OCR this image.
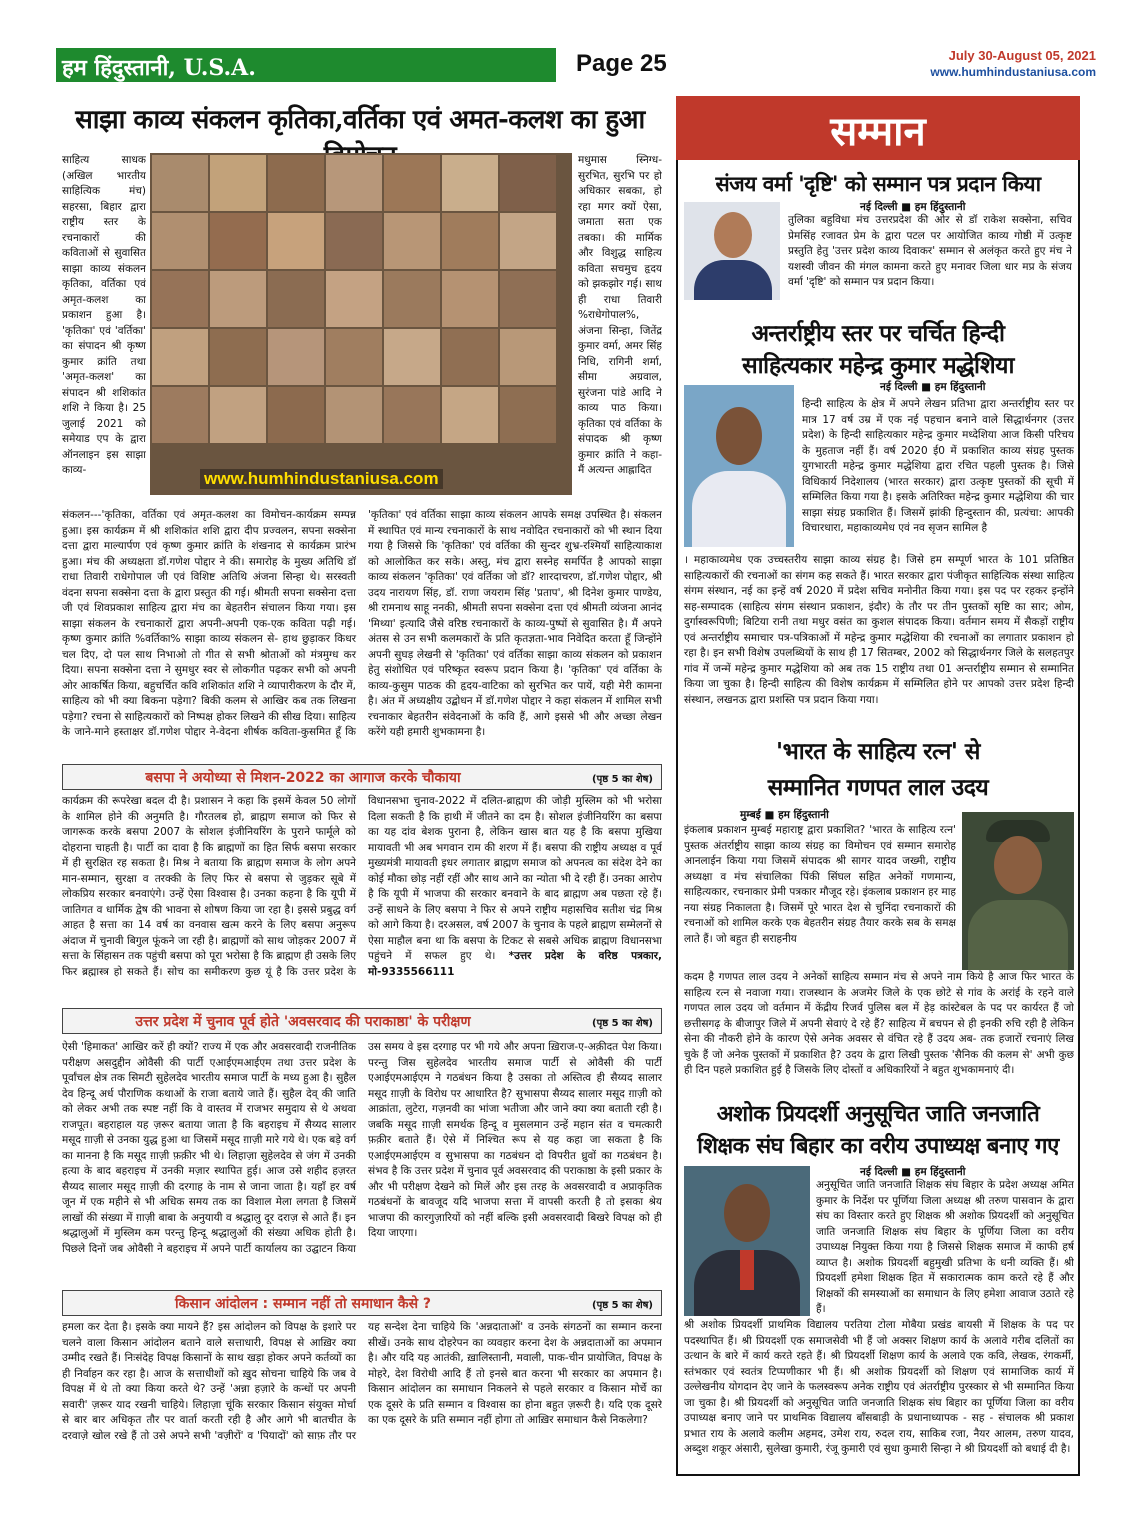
हम हिंदुस्तानी, U.S.A.	Page 25	July 30-August 05, 2021
www.humhindustaniusa.com
साझा काव्य संकलन कृतिका,वर्तिका एवं अमत-कलश का हुआ
साहित्य साधक (अखिल भारतीय साहित्यिक मंच) सहरसा, बिहार द्वारा राष्ट्रीय स्तर के रचनाकारों की कविताओं से सुवासित साझा काव्य संकलन कृतिका, वर्तिका एवं अमृत-कलश का प्रकाशन हुआ है। 'कृतिका' एवं 'वर्तिका' का संपादन श्री कृष्ण कुमार क्रांति तथा 'अमृत-कलश' का संपादन श्री शशिकांत शशि ने किया है। 25 जुलाई 2021 को समेयाड एप के द्वारा ऑनलाइन इस साझा काव्य-	www.humhindustaniusa.com
मधुमास स्निग्ध-सुरभित, सुरभि पर हो अधिकार सबका, हो रहा मगर क्यों ऐसा, जमाता सता एक तबका। की मार्मिक और विशुद्ध साहित्य कविता सचमुच हृदय को झकझोर गई। साथ ही राधा तिवारी %राधेगोपाल%, अंजना सिन्हा, जितेंद्र कुमार वर्मा, अमर सिंह निधि, रागिनी शर्मा, सीमा अग्रवाल, सुरंजना पांडे आदि ने काव्य पाठ किया। कृतिका एवं वर्तिका के संपादक श्री कृष्ण कुमार क्रांति ने कहा- मैं अत्यन्त आह्लादित
संकलन---'कृतिका, वर्तिका एवं अमृत-कलश का विमोचन-कार्यक्रम सम्पन्न हुआ। इस कार्यक्रम में श्री शशिकांत शशि द्वारा दीप प्रज्वलन, सपना सक्सेना दत्ता द्वारा माल्यार्पण एवं कृष्ण कुमार क्रांति के शंखनाद से कार्यक्रम प्रारंभ हुआ। मंच की अध्यक्षता डॉ.गणेश पोद्दार ने की। समारोह के मुख्य अतिथि डॉ राधा तिवारी राधेगोपाल जी एवं विशिष्ट अतिथि अंजना सिन्हा थे। सरस्वती वंदना सपना सक्सेना दत्ता के द्वारा प्रस्तुत की गई। श्रीमती सपना सक्सेना दत्ता जी एवं शिवप्रकाश साहित्य द्वारा मंच का बेहतरीन संचालन किया गया। इस साझा संकलन के रचनाकारों द्वारा अपनी-अपनी एक-एक कविता पढ़ी गई। कृष्ण कुमार क्रांति %वर्तिका% साझा काव्य संकलन से- हाथ छुड़ाकर किधर चल दिए, दो पल साथ निभाओ तो गीत से सभी श्रोताओं को मंत्रमुग्ध कर दिया। सपना सक्सेना दत्ता ने सुमधुर स्वर से लोकगीत पढ़कर सभी को अपनी ओर आकर्षित किया, बहुचर्चित कवि शशिकांत शशि ने व्यापारीकरण के दौर में, साहित्य को भी क्या बिकना पड़ेगा? बिकी कलम से आखिर कब तक लिखना पड़ेगा? रचना से साहित्यकारों को निष्पक्ष होकर लिखने की सीख दिया। साहित्य के जाने-माने हस्ताक्षर डॉ.गणेश पोद्दार ने-वेदना शीर्षक कविता-कुसमित हूँ कि 'कृतिका' एवं वर्तिका साझा काव्य संकलन आपके समक्ष उपस्थित है। संकलन में स्थापित एवं मान्य रचनाकारों के साथ नवोदित रचनाकारों को भी स्थान दिया गया है जिससे कि 'कृतिका' एवं वर्तिका की सुन्दर शुभ्र-रश्मियाँ साहित्याकाश को आलोकित कर सके। अस्तु, मंच द्वारा सस्नेह समर्पित है आपको साझा काव्य संकलन 'कृतिका' एवं वर्तिका जो डॉ? शारदाचरण, डॉ.गणेश पोद्दार, श्री उदय नारायण सिंह, डॉ. राणा जयराम सिंह 'प्रताप', श्री दिनेश कुमार पाण्डेय, श्री रामनाथ साहू ननकी, श्रीमती सपना सक्सेना दत्ता एवं श्रीमती व्यंजना आनंद 'मिथ्या' इत्यादि जैसे वरिष्ठ रचनाकारों के काव्य-पुष्पों से सुवासित है। मैं अपने अंतस से उन सभी कलमकारों के प्रति कृतज्ञता-भाव निवेदित करता हूँ जिन्होंने अपनी सुघड़ लेखनी से 'कृतिका' एवं वर्तिका साझा काव्य संकलन को प्रकाशन हेतु संशोधित एवं परिष्कृत स्वरूप प्रदान किया है। 'कृतिका' एवं वर्तिका के काव्य-कुसुम पाठक की हृदय-वाटिका को सुरभित कर पायें, यही मेरी कामना है। अंत में अध्यक्षीय उद्बोधन में डॉ.गणेश पोद्दार ने कहा संकलन में शामिल सभी रचनाकार बेहतरीन संवेदनाओं के कवि हैं, आगे इससे भी और अच्छा लेखन करेंगे यही हमारी शुभकामना है।
बसपा ने अयोध्या से मिशन-2022 का आगाज करके चौकाया	(पृष्ठ 5 का शेष)
कार्यक्रम की रूपरेखा बदल दी है। प्रशासन ने कहा कि इसमें केवल 50 लोगों के शामिल होने की अनुमति है। गौरतलब हो, ब्राह्मण समाज को फिर से जागरूक करके बसपा 2007 के सोशल इंजीनियरिंग के पुराने फार्मूले को दोहराना चाहती है। पार्टी का दावा है कि ब्राह्मणों का हित सिर्फ बसपा सरकार में ही सुरक्षित रह सकता है। मिश्र ने बताया कि ब्राह्मण समाज के लोग अपने मान-सम्मान, सुरक्षा व तरक्की के लिए फिर से बसपा से जुड़कर सूबे में लोकप्रिय सरकार बनवाएंगे। उन्हें ऐसा विश्वास है। उनका कहना है कि यूपी में जातिगत व धार्मिक द्वेष की भावना से शोषण किया जा रहा है। इससे प्रबुद्ध वर्ग आहत है सत्ता का 14 वर्ष का वनवास खत्म करने के लिए बसपा अनुरूप अंदाज में चुनावी बिगुल फूंकने जा रही है। ब्राह्मणों को साथ जोड़कर 2007 में सत्ता के सिंहासन तक पहुंची बसपा को पूरा भरोसा है कि ब्राह्मण ही उसके लिए फिर ब्रह्मास्त्र हो सकते हैं। सोच का समीकरण कुछ यूं है कि उत्तर प्रदेश के विधानसभा चुनाव-2022 में दलित-ब्राह्मण की जोड़ी मुस्लिम को भी भरोसा दिला सकती है कि हाथी में जीतने का दम है। सोशल इंजीनियरिंग का बसपा का यह दांव बेशक पुराना है, लेकिन खास बात यह है कि बसपा मुखिया मायावती भी अब भगवान राम की शरण में हैं। बसपा की राष्ट्रीय अध्यक्ष व पूर्व मुख्यमंत्री मायावती इधर लगातार ब्राह्मण समाज को अपनत्व का संदेश देने का कोई मौका छोड़ नहीं रहीं और साथ आने का न्योता भी दे रही हैं। उनका आरोप है कि यूपी में भाजपा की सरकार बनवाने के बाद ब्राह्मण अब पछता रहे हैं। उन्हें साधने के लिए बसपा ने फिर से अपने राष्ट्रीय महासचिव सतीश चंद्र मिश्र को आगे किया है। दरअसल, वर्ष 2007 के चुनाव के पहले ब्राह्मण सम्मेलनों से ऐसा माहौल बना था कि बसपा के टिकट से सबसे अधिक ब्राह्मण विधानसभा पहुंचने में सफल हुए थे। *उत्तर प्रदेश के वरिष्ठ पत्रकार, मो-9335566111
उत्तर प्रदेश में चुनाव पूर्व होते 'अवसरवाद की पराकाष्ठा' के परीक्षण	(पृष्ठ 5 का शेष)
ऐसी 'हिमाकत' आखिर करें ही क्यों? राज्य में एक और अवसरवादी राजनीतिक परीक्षण असदुद्दीन ओवैसी की पार्टी एआईएमआईएम तथा उत्तर प्रदेश के पूर्वांचल क्षेत्र तक सिमटी सुहेलदेव भारतीय समाज पार्टी के मध्य हुआ है। सुहैल देव हिन्दू अर्ध पौराणिक कथाओं के राजा बताये जाते हैं। सुहैल देव् की जाति को लेकर अभी तक स्पष्ट नहीं कि वे वास्तव में राजभर समुदाय से थे अथवा राजपूत। बहराहाल यह ज़रूर बताया जाता है कि बहराइच में सैय्यद सालार मसूद ग़ाज़ी से उनका युद्ध हुआ था जिसमें मसूद ग़ाज़ी मारे गये थे। एक बड़े वर्ग का मानना है कि मसूद ग़ाज़ी फ़क़ीर भी थे। लिहाज़ा सुहेलदेव से जंग में उनकी हत्या के बाद बहराइच में उनकी मज़ार स्थापित हुई। आज उसे शहीद हज़रत सैय्यद सालार मसूद ग़ाज़ी की दरगाह के नाम से जाना जाता है। यहाँ हर वर्ष जून में एक महीने से भी अधिक समय तक का विशाल मेला लगता है जिसमें लाखों की संख्या में ग़ाज़ी बाबा के अनुयायी व श्रद्धालु दूर दराज़ से आते हैं। इन श्रद्धालुओं में मुस्लिम कम परन्तु हिन्दू श्रद्धालुओं की संख्या अधिक होती है। पिछले दिनों जब ओवैसी ने बहराइच में अपने पार्टी कार्यालय का उद्घाटन किया उस समय वे इस दरगाह पर भी गये और अपना ख़िराज-ए-अक़ीदत पेश किया। परन्तु जिस सुहेलदेव भारतीय समाज पार्टी से ओवैसी की पार्टी एआईएमआईएम ने गठबंधन किया है उसका तो अस्तित्व ही सैय्यद सालार मसूद ग़ाज़ी के विरोध पर आधारित है? सुभासपा सैय्यद सालार मसूद ग़ाज़ी को आक्रांता, लुटेरा, गज़नवी का भांजा भतीजा और जाने क्या क्या बताती रही है। जबकि मसूद ग़ाज़ी समर्थक हिन्दू व मुसलमान उन्हें महान संत व चमत्कारी फ़क़ीर बताते हैं। ऐसे में निश्चित रूप से यह कहा जा सकता है कि एआईएमआईएम व सुभासपा का गठबंधन दो विपरीत ध्रुवों का गठबंधन है। संभव है कि उत्तर प्रदेश में चुनाव पूर्व अवसरवाद की पराकाष्ठा के इसी प्रकार के और भी परीक्षण देखने को मिलें और इस तरह के अवसरवादी व अप्राकृतिक गठबंधनों के बावजूद यदि भाजपा सत्ता में वापसी करती है तो इसका श्रेय भाजपा की कारगुज़ारियों को नहीं बल्कि इसी अवसरवादी बिखरे विपक्ष को ही दिया जाएगा।
किसान आंदोलन : सम्मान नहीं तो समाधान कैसे ?	(पृष्ठ 5 का शेष)
हमला कर देता है। इसके क्या मायने हैं? इस आंदोलन को विपक्ष के इशारे पर चलने वाला किसान आंदोलन बताने वाले सत्ताधारी, विपक्ष से आख़िर क्या उम्मीद रखते हैं। निःसंदेह विपक्ष किसानों के साथ खड़ा होकर अपने कर्तव्यों का ही निर्वाहन कर रहा है। आज के सत्ताधीशों को ख़ुद सोचना चाहिये कि जब वे विपक्ष में थे तो क्या किया करते थे? उन्हें 'अन्ना हज़ारे के कन्धों पर अपनी सवारी' ज़रूर याद रखनी चाहिये। लिहाज़ा चूंकि सरकार किसान संयुक्त मोर्चा से बार बार अधिकृत तौर पर वार्ता करती रही है और आगे भी बातचीत के दरवाज़े खोल रखे हैं तो उसे अपने सभी 'वज़ीरों' व 'पियादों' को साफ़ तौर पर यह सन्देश देना चाहिये कि 'अन्नदाताओं' व उनके संगठनों का सम्मान करना सीखें। उनके साथ दोहरेपन का व्यवहार करना देश के अन्नदाताओं का अपमान है। और यदि यह आतंकी, ख़ालिस्तानी, मवाली, पाक-चीन प्रायोजित, विपक्ष के मोहरे, देश विरोधी आदि हैं तो इनसे बात करना भी सरकार का अपमान है। किसान आंदोलन का समाधान निकलने से पहले सरकार व किसान मोर्चे का एक दूसरे के प्रति सम्मान व विश्वास का होना बहुत ज़रूरी है। यदि एक दूसरे का एक दूसरे के प्रति सम्मान नहीं होगा तो आख़िर समाधान कैसे निकलेगा?
सम्मान
संजय वर्मा 'दृष्टि' को सम्मान पत्र प्रदान किया
नई दिल्ली ■ हम हिंदुस्तानी
तुलिका बहुविधा मंच उत्तरप्रदेश की ओर से डॉ राकेश सक्सेना, सचिव प्रेमसिंह रजावत प्रेम के द्वारा पटल पर आयोजित काव्य गोष्ठी में उत्कृष्ट प्रस्तुति हेतु 'उत्तर प्रदेश काव्य दिवाकर' सम्मान से अलंकृत करते हुए मंच ने यशस्वी जीवन की मंगल कामना करते हुए मनावर जिला धार मप्र के संजय वर्मा 'दृष्टि' को सम्मान पत्र प्रदान किया।
अन्तर्राष्ट्रीय स्तर पर चर्चित हिन्दी
साहित्यकार महेन्द्र कुमार मद्धेशिया
नई दिल्ली ■ हम हिंदुस्तानी
हिन्दी साहित्य के क्षेत्र में अपने लेखन प्रतिभा द्वारा अन्तर्राष्ट्रीय स्तर पर मात्र 17 वर्ष उम्र में एक नई पहचान बनाने वाले सिद्धार्थनगर (उत्तर प्रदेश) के हिन्दी साहित्यकार महेन्द्र कुमार मध्देशिया आज किसी परिचय के मुहताज नहीं हैं। वर्ष 2020 ई0 में प्रकाशित काव्य संग्रह पुस्तक युगभारती महेन्द्र कुमार मद्धेशिया द्वारा रचित पहली पुस्तक है। जिसे विधिकार्य निदेशालय (भारत सरकार) द्वारा उत्कृष्ट पुस्तकों की सूची में सम्मिलित किया गया है। इसके अतिरिक्त महेन्द्र कुमार मद्धेशिया की चार साझा संग्रह प्रकाशित हैं। जिसमें झांकी हिन्दुस्तान की, प्रत्यंचा: आपकी विचारधारा, महाकाव्यमेध एवं नव सृजन सामिल है
। महाकाव्यमेध एक उच्चस्तरीय साझा काव्य संग्रह है। जिसे हम सम्पूर्ण भारत के 101 प्रतिष्ठित साहित्यकारों की रचनाओं का संगम कह सकते हैं। भारत सरकार द्वारा पंजीकृत साहित्यिक संस्था साहित्य संगम संस्थान, नई का इन्हें वर्ष 2020 में प्रदेश सचिव मनोनीत किया गया। इस पद पर रहकर इन्होंने सह-सम्पादक (साहित्य संगम संस्थान प्रकाशन, इंदौर) के तौर पर तीन पुस्तकों सृष्टि का सार; ओम, दुर्गास्वरूपिणी; बिटिया रानी तथा मधुर वसंत का कुशल संपादक किया। वर्तमान समय में सैकड़ों राष्ट्रीय एवं अन्तर्राष्ट्रीय समाचार पत्र-पत्रिकाओं में महेन्द्र कुमार मद्धेशिया की रचनाओं का लगातार प्रकाशन हो रहा है। इन सभी विशेष उपलब्धियों के साथ ही 17 सितम्बर, 2002 को सिद्धार्थनगर जिले के सलहतपुर गांव में जन्में महेन्द्र कुमार मद्धेशिया को अब तक 15 राष्ट्रीय तथा 01 अन्तर्राष्ट्रीय सम्मान से सम्मानित किया जा चुका है। हिन्दी साहित्य की विशेष कार्यक्रम में सम्मिलित होने पर आपको उत्तर प्रदेश हिन्दी संस्थान, लखनऊ द्वारा प्रशस्ति पत्र प्रदान किया गया।
'भारत के साहित्य रत्न' से
सम्मानित गणपत लाल उदय
मुम्बई ■ हम हिंदुस्तानी
इंकलाब प्रकाशन मुम्बई महाराष्ट्र द्वारा प्रकाशित? 'भारत के साहित्य रत्न' पुस्तक अंतर्राष्ट्रीय साझा काव्य संग्रह का विमोचन एवं सम्मान समारोह आनलाईन किया गया जिसमें संपादक श्री सागर यादव जख्मी, राष्ट्रीय अध्यक्षा व मंच संचालिका पिंकी सिंघल सहित अनेकों गणमान्य, साहित्यकार, रचनाकार प्रेमी पत्रकार मौजूद रहे। इंकलाब प्रकाशन हर माह नया संग्रह निकालता है। जिसमें पूरे भारत देश से चुनिंदा रचनाकारों की रचनाओं को शामिल करके एक बेहतरीन संग्रह तैयार करके सब के समक्ष लाते हैं। जो बहुत ही सराहनीय
कदम है गणपत लाल उदय ने अनेकों साहित्य सम्मान मंच से अपने नाम किये है आज फिर भारत के साहित्य रत्न से नवाजा गया। राजस्थान के अजमेर जिले के एक छोटे से गांव के अरांई के रहने वाले गणपत लाल उदय जो वर्तमान में केंद्रीय रिजर्व पुलिस बल में हेड़ कांस्टेबल के पद पर कार्यरत हैं जो छत्तीसगढ़ के बीजापुर जिले में अपनी सेवाएं दे रहे हैं? साहित्य में बचपन से ही इनकी रुचि रही है लेकिन सेना की नौकरी होने के कारण ऐसे अनेक अवसर से वंचित रहे हैं उदय अब- तक हजारों रचनाएं लिख चुके हैं जो अनेक पुस्तकों में प्रकाशित है? उदय के द्वारा लिखी पुस्तक 'सैनिक की कलम से' अभी कुछ ही दिन पहले प्रकाशित हुई है जिसके लिए दोस्तों व अधिकारियों ने बहुत शुभकामनाएं दी।
अशोक प्रियदर्शी अनुसूचित जाति जनजाति
शिक्षक संघ बिहार का वरीय उपाध्यक्ष बनाए गए
नई दिल्ली ■ हम हिंदुस्तानी
अनुसूचित जाति जनजाति शिक्षक संघ बिहार के प्रदेश अध्यक्ष अमित कुमार के निर्देश पर पूर्णिया जिला अध्यक्ष श्री तरुण पासवान के द्वारा संघ का विस्तार करते हुए शिक्षक श्री अशोक प्रियदर्शी को अनुसूचित जाति जनजाति शिक्षक संघ बिहार के पूर्णिया जिला का वरीय उपाध्यक्ष नियुक्त किया गया है जिससे शिक्षक समाज में काफी हर्ष व्याप्त है। अशोक प्रियदर्शी बहुमुखी प्रतिभा के धनी व्यक्ति हैं। श्री प्रियदर्शी हमेशा शिक्षक हित में सकारात्मक काम करते रहे हैं और शिक्षकों की समस्याओं का समाधान के लिए हमेशा आवाज उठाते रहे हैं।
श्री अशोक प्रियदर्शी प्राथमिक विद्यालय परतिया टोला मोबैया प्रखंड बायसी में शिक्षक के पद पर पदस्थापित हैं। श्री प्रियदर्शी एक समाजसेवी भी हैं जो अक्सर शिक्षण कार्य के अलावे गरीब दलितों का उत्थान के बारे में कार्य करते रहते हैं। श्री प्रियदर्शी शिक्षण कार्य के अलावे एक कवि, लेखक, रंगकर्मी, स्तंभकार एवं स्वतंत्र टिप्पणीकार भी हैं। श्री अशोक प्रियदर्शी को शिक्षण एवं सामाजिक कार्य में उल्लेखनीय योगदान देए जाने के फलस्वरूप अनेक राष्ट्रीय एवं अंतर्राष्ट्रीय पुरस्कार से भी सम्मानित किया जा चुका है। श्री प्रियदर्शी को अनुसूचित जाति जनजाति शिक्षक संघ बिहार का पूर्णिया जिला का वरीय उपाध्यक्ष बनाए जाने पर प्राथमिक विद्यालय बाँसबाड़ी के प्रधानाध्यापक - सह - संचालक श्री प्रकाश प्रभात राय के अलावे कलीम अहमद, उमेश राय, रुदल राय, साकिब रजा, नैयर आलम, तरुण यादव, अब्दुश शकूर अंसारी, सुलेखा कुमारी, रंजू कुमारी एवं सुधा कुमारी सिन्हा ने श्री प्रियदर्शी को बधाई दी है।
